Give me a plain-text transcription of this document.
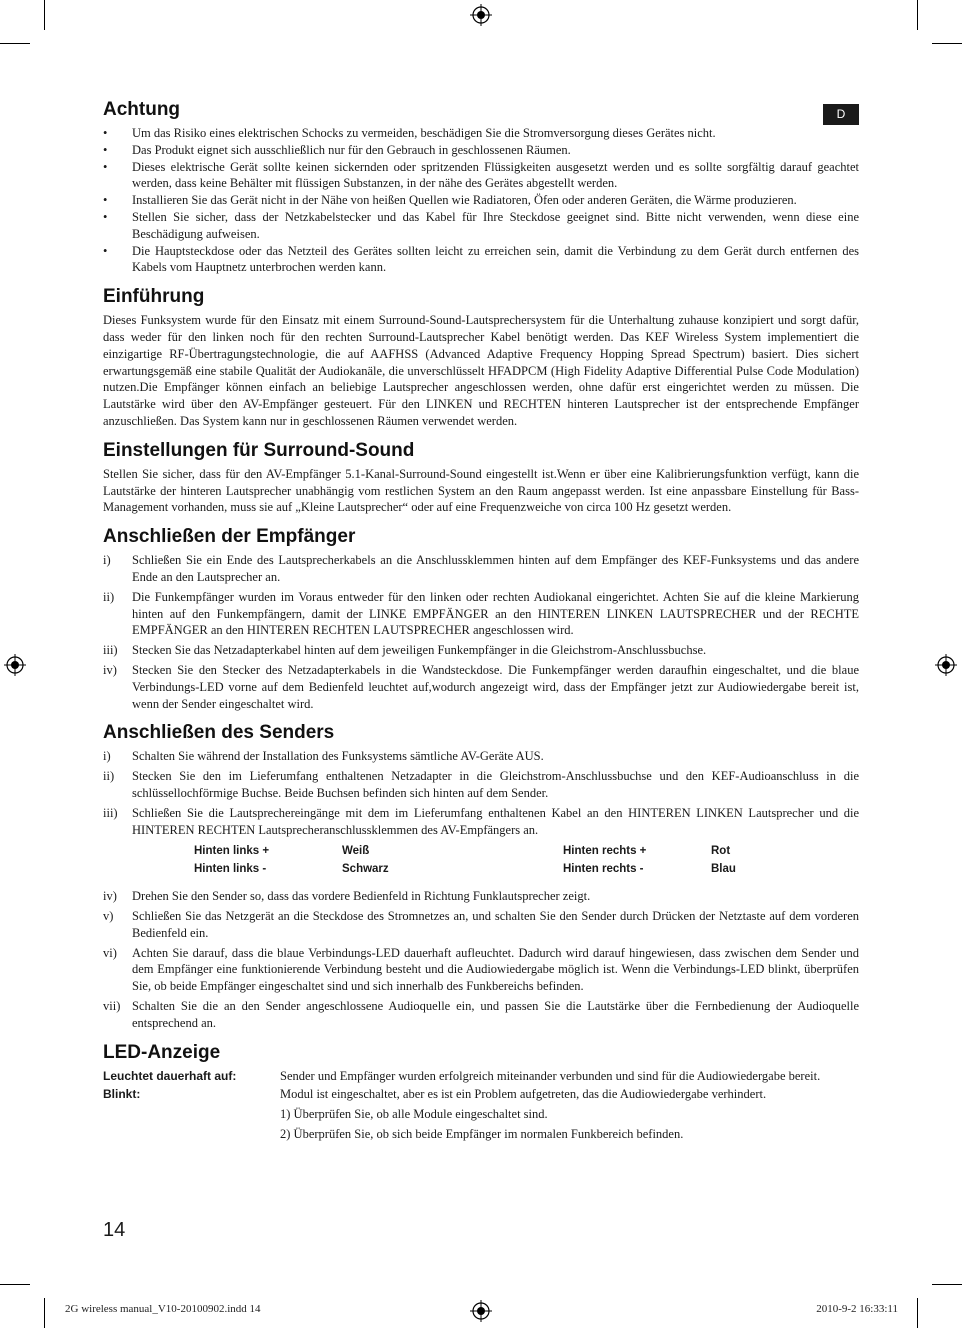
D
Achtung
• Um das Risiko eines elektrischen Schocks zu vermeiden, beschädigen Sie die Stromversorgung dieses Gerätes nicht.
• Das Produkt eignet sich ausschließlich nur für den Gebrauch in geschlossenen Räumen.
• Dieses elektrische Gerät sollte keinen sickernden oder spritzenden Flüssigkeiten ausgesetzt werden und es sollte sorgfältig darauf geachtet werden, dass keine Behälter mit flüssigen Substanzen, in der nähe des Gerätes abgestellt werden.
• Installieren Sie das Gerät nicht in der Nähe von heißen Quellen wie Radiatoren, Öfen oder anderen Geräten, die Wärme produzieren.
• Stellen Sie sicher, dass der Netzkabelstecker und das Kabel für Ihre Steckdose geeignet sind. Bitte nicht verwenden, wenn diese eine Beschädigung aufweisen.
• Die Hauptsteckdose oder das Netzteil des Gerätes sollten leicht zu erreichen sein, damit die Verbindung zu dem Gerät durch entfernen des Kabels vom Hauptnetz unterbrochen werden kann.
Einführung

Dieses Funksystem wurde für den Einsatz mit einem Surround-Sound-Lautsprechersystem für die Unterhaltung zuhause konzipiert und sorgt dafür, dass weder für den linken noch für den rechten Surround-Lautsprecher Kabel benötigt werden. Das KEF Wireless System implementiert die einzigartige RF-Übertragungstechnologie, die auf AAFHSS (Advanced Adaptive Frequency Hopping Spread Spectrum) basiert. Dies sichert erwartungsgemäß eine stabile Qualität der Audiokanäle, die unverschlüsselt HFADPCM (High Fidelity Adaptive Differential Pulse Code Modulation) nutzen.Die Empfänger können einfach an beliebige Lautsprecher angeschlossen werden, ohne dafür erst eingerichtet werden zu müssen. Die Lautstärke wird über den AV-Empfänger gesteuert. Für den LINKEN und RECHTEN hinteren Lautsprecher ist der entsprechende Empfänger anzuschließen. Das System kann nur in geschlossenen Räumen verwendet werden.

Einstellungen für Surround-Sound

Stellen Sie sicher, dass für den AV-Empfänger 5.1-Kanal-Surround-Sound eingestellt ist.Wenn er über eine Kalibrierungsfunktion verfügt, kann die Lautstärke der hinteren Lautsprecher unabhängig vom restlichen System an den Raum angepasst werden. Ist eine anpassbare Einstellung für Bass-Management vorhanden, muss sie auf „Kleine Lautsprecher“ oder auf eine Frequenzweiche von circa 100 Hz gesetzt werden.

Anschließen der Empfänger
i) Schließen Sie ein Ende des Lautsprecherkabels an die Anschlussklemmen hinten auf dem Empfänger des KEF-Funksystems und das andere Ende an den Lautsprecher an.
ii) Die Funkempfänger wurden im Voraus entweder für den linken oder rechten Audiokanal eingerichtet. Achten Sie auf die kleine Markierung hinten auf den Funkempfängern, damit der LINKE EMPFÄNGER an den HINTEREN LINKEN LAUTSPRECHER und der RECHTE EMPFÄNGER an den HINTEREN RECHTEN LAUTSPRECHER angeschlossen wird.
iii) Stecken Sie das Netzadapterkabel hinten auf dem jeweiligen Funkempfänger in die Gleichstrom-Anschlussbuchse.
iv) Stecken Sie den Stecker des Netzadapterkabels in die Wandsteckdose. Die Funkempfänger werden daraufhin eingeschaltet, und die blaue Verbindungs-LED vorne auf dem Bedienfeld leuchtet auf,wodurch angezeigt wird, dass der Empfänger jetzt zur Audiowiedergabe bereit ist, wenn der Sender eingeschaltet wird.
Anschließen des Senders
i) Schalten Sie während der Installation des Funksystems sämtliche AV-Geräte AUS.
ii) Stecken Sie den im Lieferumfang enthaltenen Netzadapter in die Gleichstrom-Anschlussbuchse und den KEF-Audioanschluss in die schlüssellochförmige Buchse. Beide Buchsen befinden sich hinten auf dem Sender.
iii) Schließen Sie die Lautsprechereingänge mit dem im Lieferumfang enthaltenen Kabel an den HINTEREN LINKEN Lautsprecher und die HINTEREN RECHTEN Lautsprecheranschlussklemmen des AV-Empfängers an.
Hinten links +	Weiß	Hinten rechts +	Rot
Hinten links -	Schwarz	Hinten rechts -	Blau
iv) Drehen Sie den Sender so, dass das vordere Bedienfeld in Richtung Funklautsprecher zeigt.
v) Schließen Sie das Netzgerät an die Steckdose des Stromnetzes an, und schalten Sie den Sender durch Drücken der Netztaste auf dem vorderen Bedienfeld ein.
vi) Achten Sie darauf, dass die blaue Verbindungs-LED dauerhaft aufleuchtet. Dadurch wird darauf hingewiesen, dass zwischen dem Sender und dem Empfänger eine funktionierende Verbindung besteht und die Audiowiedergabe möglich ist. Wenn die Verbindungs-LED blinkt, überprüfen Sie, ob beide Empfänger eingeschaltet sind und sich innerhalb des Funkbereichs befinden.
vii) Schalten Sie die an den Sender angeschlossene Audioquelle ein, und passen Sie die Lautstärke über die Fernbedienung der Audioquelle entsprechend an.
LED-Anzeige
Leuchtet dauerhaft auf:	Sender und Empfänger wurden erfolgreich miteinander verbunden und sind für die Audiowiedergabe bereit.
Blinkt:	Modul ist eingeschaltet, aber es ist ein Problem aufgetreten, das die Audiowiedergabe verhindert.
1) Überprüfen Sie, ob alle Module eingeschaltet sind.
2) Überprüfen Sie, ob sich beide Empfänger im normalen Funkbereich befinden.
14
2G wireless manual_V10-20100902.indd 14	2010-9-2 16:33:11
